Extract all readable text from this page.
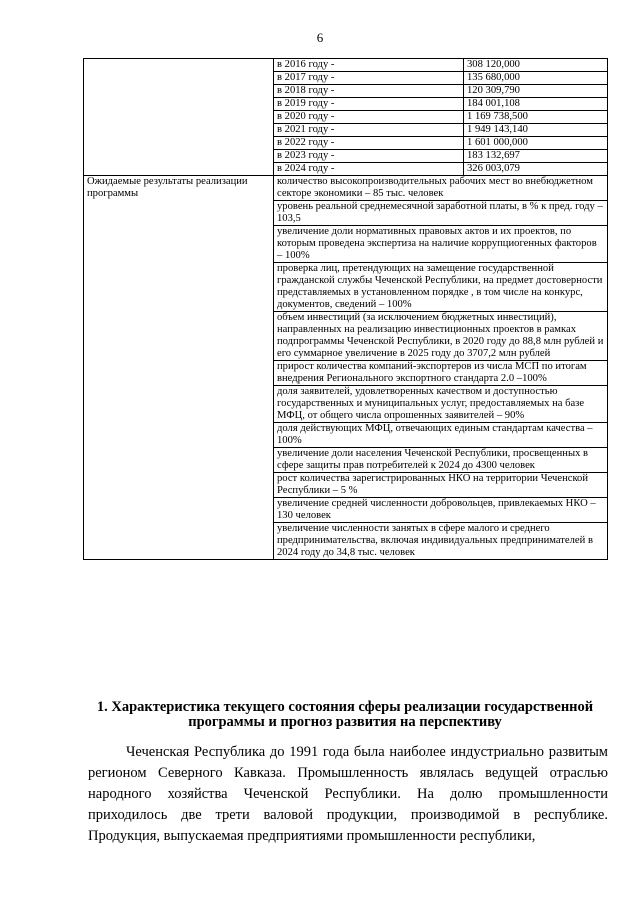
6
	в 2016 году -	308 120,000
	в 2017 году -	135 680,000
	в 2018 году -	120 309,790
	в 2019 году -	184 001,108
	в 2020 году -	1 169 738,500
	в 2021 году -	1 949 143,140
	в 2022 году -	1 601 000,000
	в 2023 году -	183 132,697
	в 2024 году -	326 003,079
Ожидаемые результаты реализации программы	количество высокопроизводительных рабочих мест во внебюджетном секторе экономики – 85 тыс. человек	
	уровень реальной среднемесячной заработной платы, в % к пред. году – 103,5	
	увеличение доли нормативных правовых актов и их проектов, по которым проведена экспертиза на наличие коррупциогенных факторов – 100%	
	проверка лиц, претендующих на замещение государственной гражданской службы Чеченской Республики, на предмет достоверности представляемых в установленном порядке , в том числе на конкурс, документов, сведений – 100%	
	объем инвестиций (за исключением бюджетных инвестиций), направленных на реализацию инвестиционных проектов в рамках подпрограммы Чеченской Республики, в 2020 году до 88,8 млн рублей и его суммарное увеличение в 2025 году до 3707,2 млн рублей	
	прирост количества компаний-экспортеров из числа МСП по итогам внедрения Регионального экспортного стандарта 2.0 –100%	
	доля заявителей, удовлетворенных качеством и доступностью государственных и муниципальных услуг, предоставляемых на базе МФЦ, от общего числа опрошенных заявителей – 90%	
	доля действующих МФЦ, отвечающих единым стандартам качества – 100%	
	увеличение доли населения Чеченской Республики, просвещенных в сфере защиты прав потребителей к 2024 до 4300 человек	
	рост количества зарегистрированных НКО на территории Чеченской Республики – 5 %	
	увеличение средней численности добровольцев, привлекаемых НКО – 130 человек	
	увеличение численности занятых в сфере малого и среднего предпринимательства, включая индивидуальных предпринимателей в 2024 году до 34,8 тыс. человек	
1. Характеристика текущего состояния сферы реализации государственной программы и прогноз развития на перспективу

Чеченская Республика до 1991 года была наиболее индустриально развитым регионом Северного Кавказа. Промышленность являлась ведущей отраслью народного хозяйства Чеченской Республики. На долю промышленности приходилось две трети валовой продукции, производимой в республике. Продукция, выпускаемая предприятиями промышленности республики,
